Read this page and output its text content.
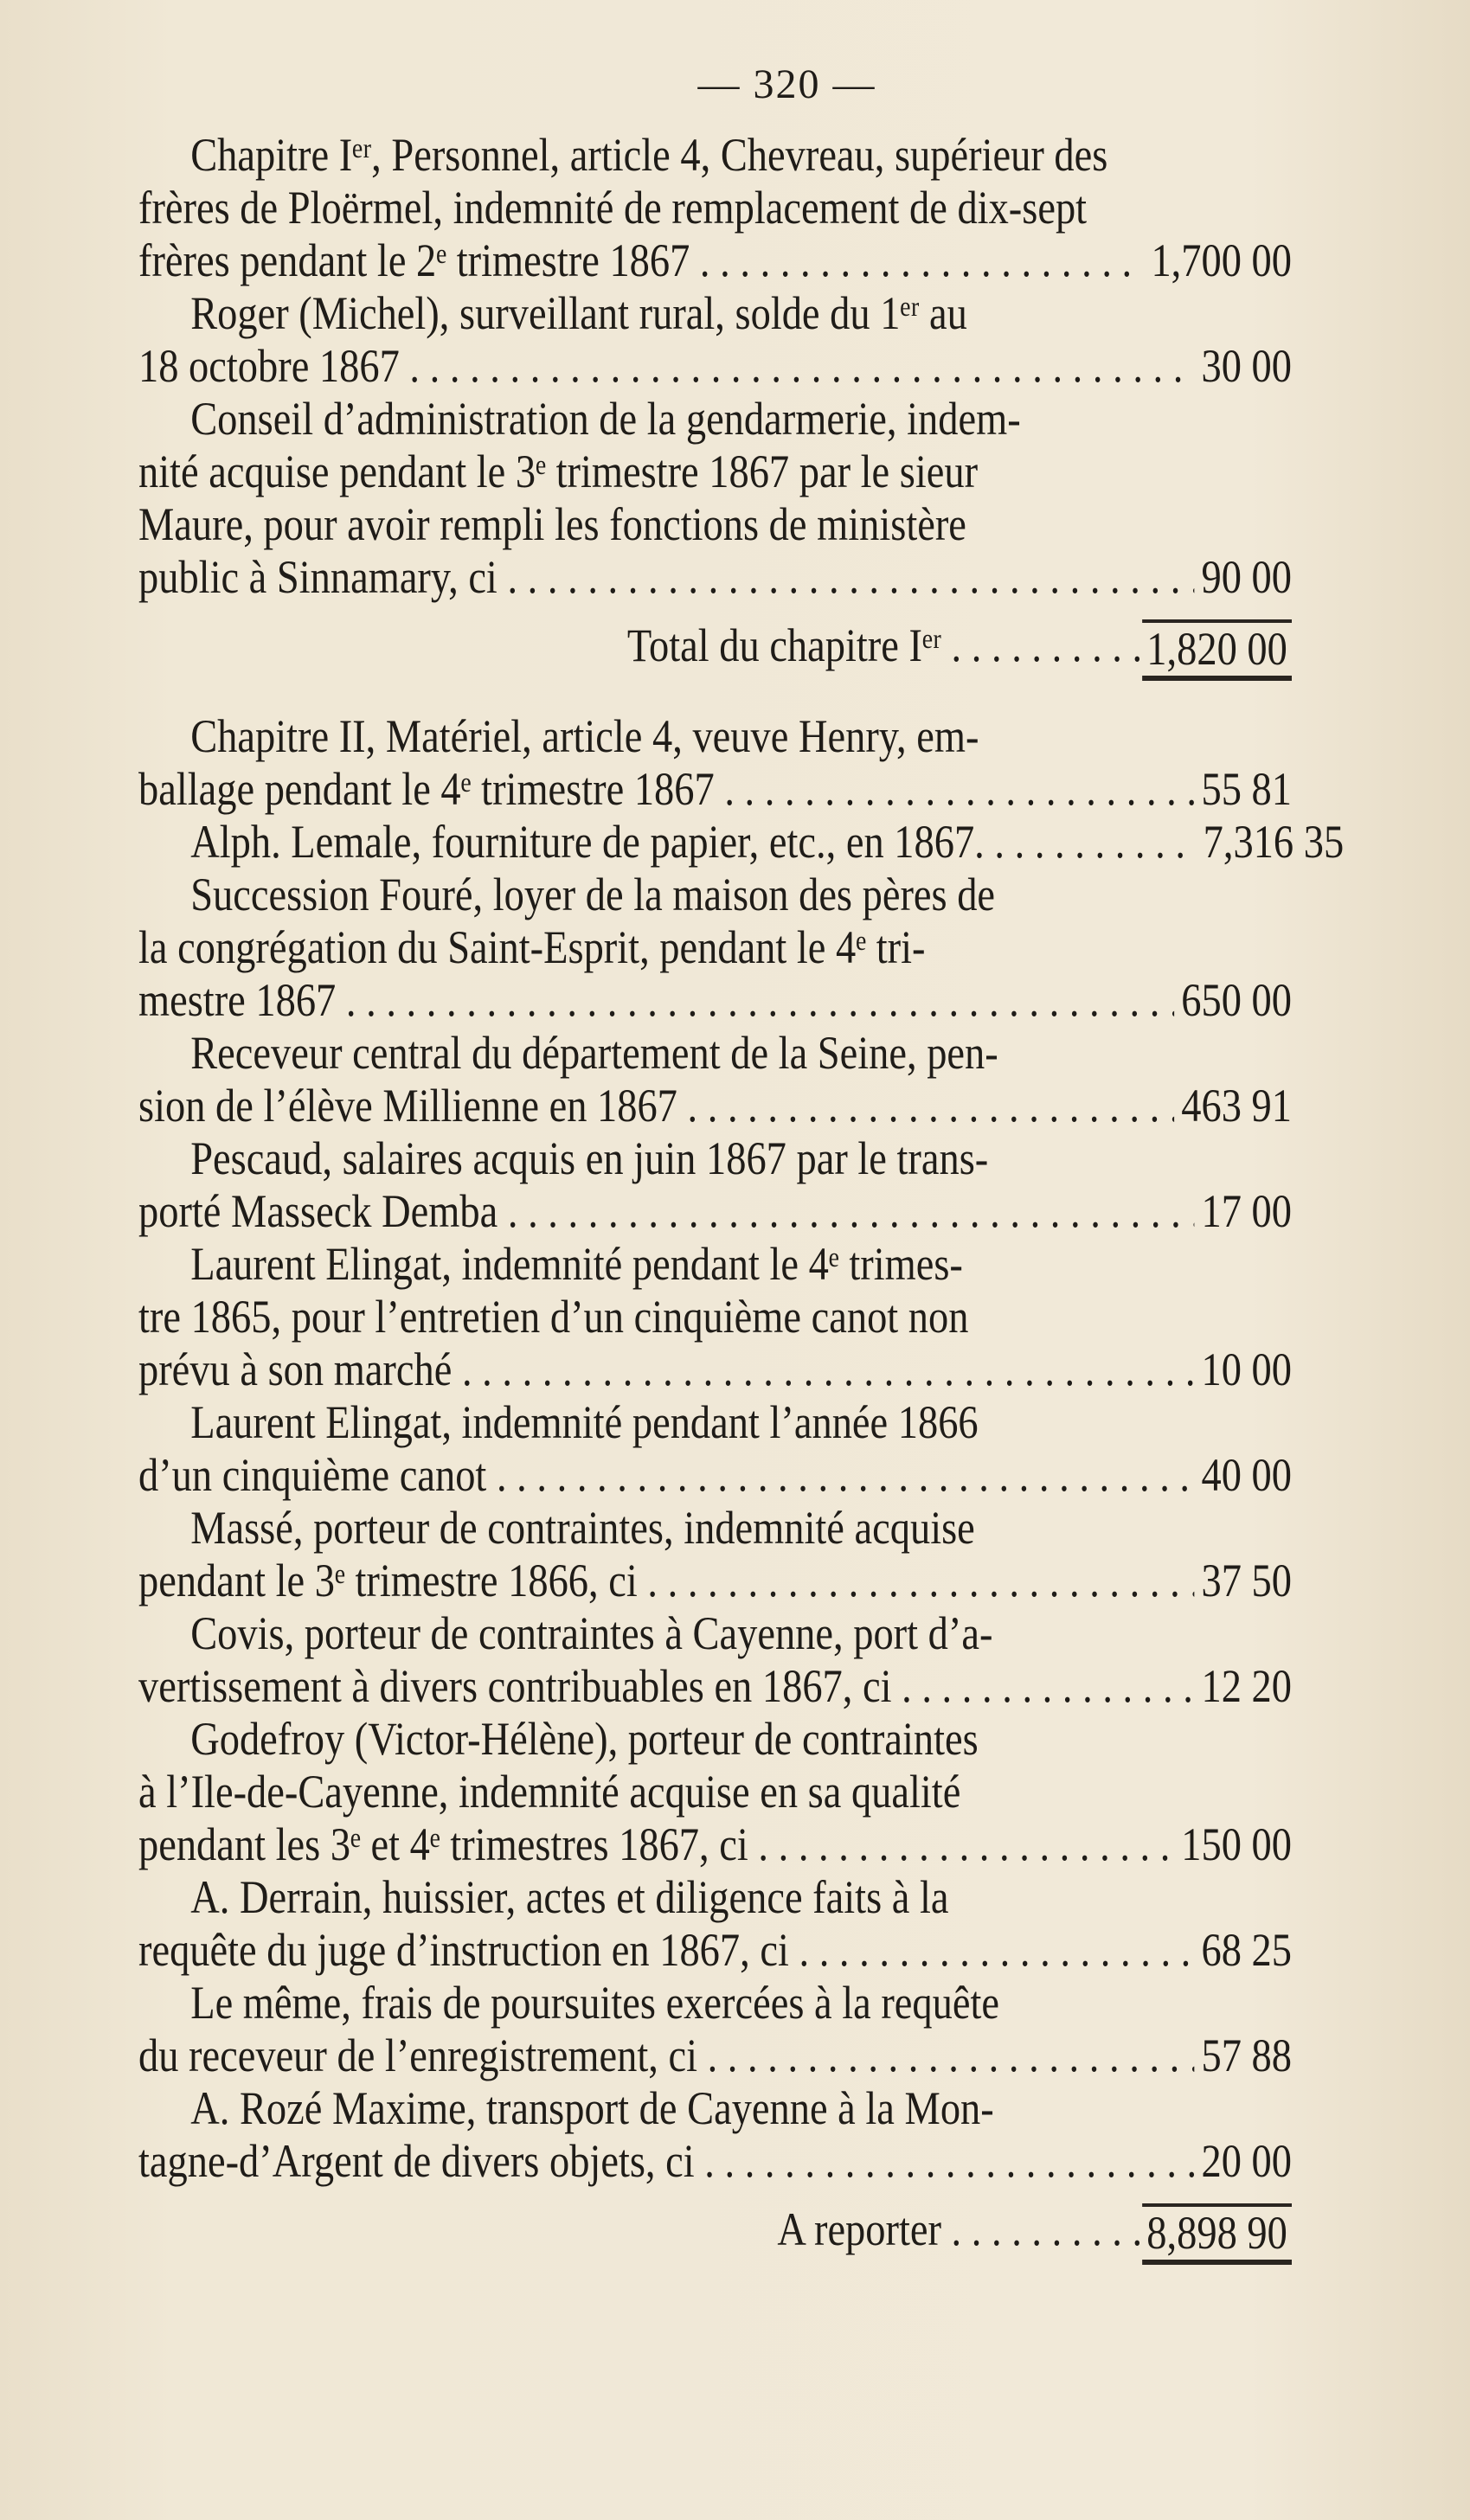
— 320 —
Chapitre Iᵉʳ, Personnel, article 4, Chevreau, supérieur des
frères de Ploërmel, indemnité de remplacement de dix-sept
frères pendant le 2ᵉ trimestre 1867 . . .	1,700 00
Roger (Michel), surveillant rural, solde du 1ᵉʳ au
18 octobre 1867 . . .	30 00
Conseil d’administration de la gendarmerie, indem-
nité acquise pendant le 3ᵉ trimestre 1867 par le sieur
Maure, pour avoir rempli les fonctions de ministère
public à Sinnamary, ci . . .	90 00
Total du chapitre Iᵉʳ . . .	1,820 00
Chapitre II, Matériel, article 4, veuve Henry, em-
ballage pendant le 4ᵉ trimestre 1867 . . .	55 81
Alph. Lemale, fourniture de papier, etc., en 1867. . . .	7,316 35
Succession Fouré, loyer de la maison des pères de
la congrégation du Saint-Esprit, pendant le 4ᵉ tri-
mestre 1867 . . .	650 00
Receveur central du département de la Seine, pen-
sion de l’élève Millienne en 1867 . . .	463 91
Pescaud, salaires acquis en juin 1867 par le trans-
porté Masseck Demba . . .	17 00
Laurent Elingat, indemnité pendant le 4ᵉ trimes-
tre 1865, pour l’entretien d’un cinquième canot non
prévu à son marché . . .	10 00
Laurent Elingat, indemnité pendant l’année 1866
d’un cinquième canot . . .	40 00
Massé, porteur de contraintes, indemnité acquise
pendant le 3ᵉ trimestre 1866, ci . . .	37 50
Covis, porteur de contraintes à Cayenne, port d’a-
vertissement à divers contribuables en 1867, ci . . .	12 20
Godefroy (Victor-Hélène), porteur de contraintes
à l’Ile-de-Cayenne, indemnité acquise en sa qualité
pendant les 3ᵉ et 4ᵉ trimestres 1867, ci . . .	150 00
A. Derrain, huissier, actes et diligence faits à la
requête du juge d’instruction en 1867, ci . . .	68 25
Le même, frais de poursuites exercées à la requête
du receveur de l’enregistrement, ci . . .	57 88
A. Rozé Maxime, transport de Cayenne à la Mon-
tagne-d’Argent de divers objets, ci . . .	20 00
A reporter . . .	8,898 90
